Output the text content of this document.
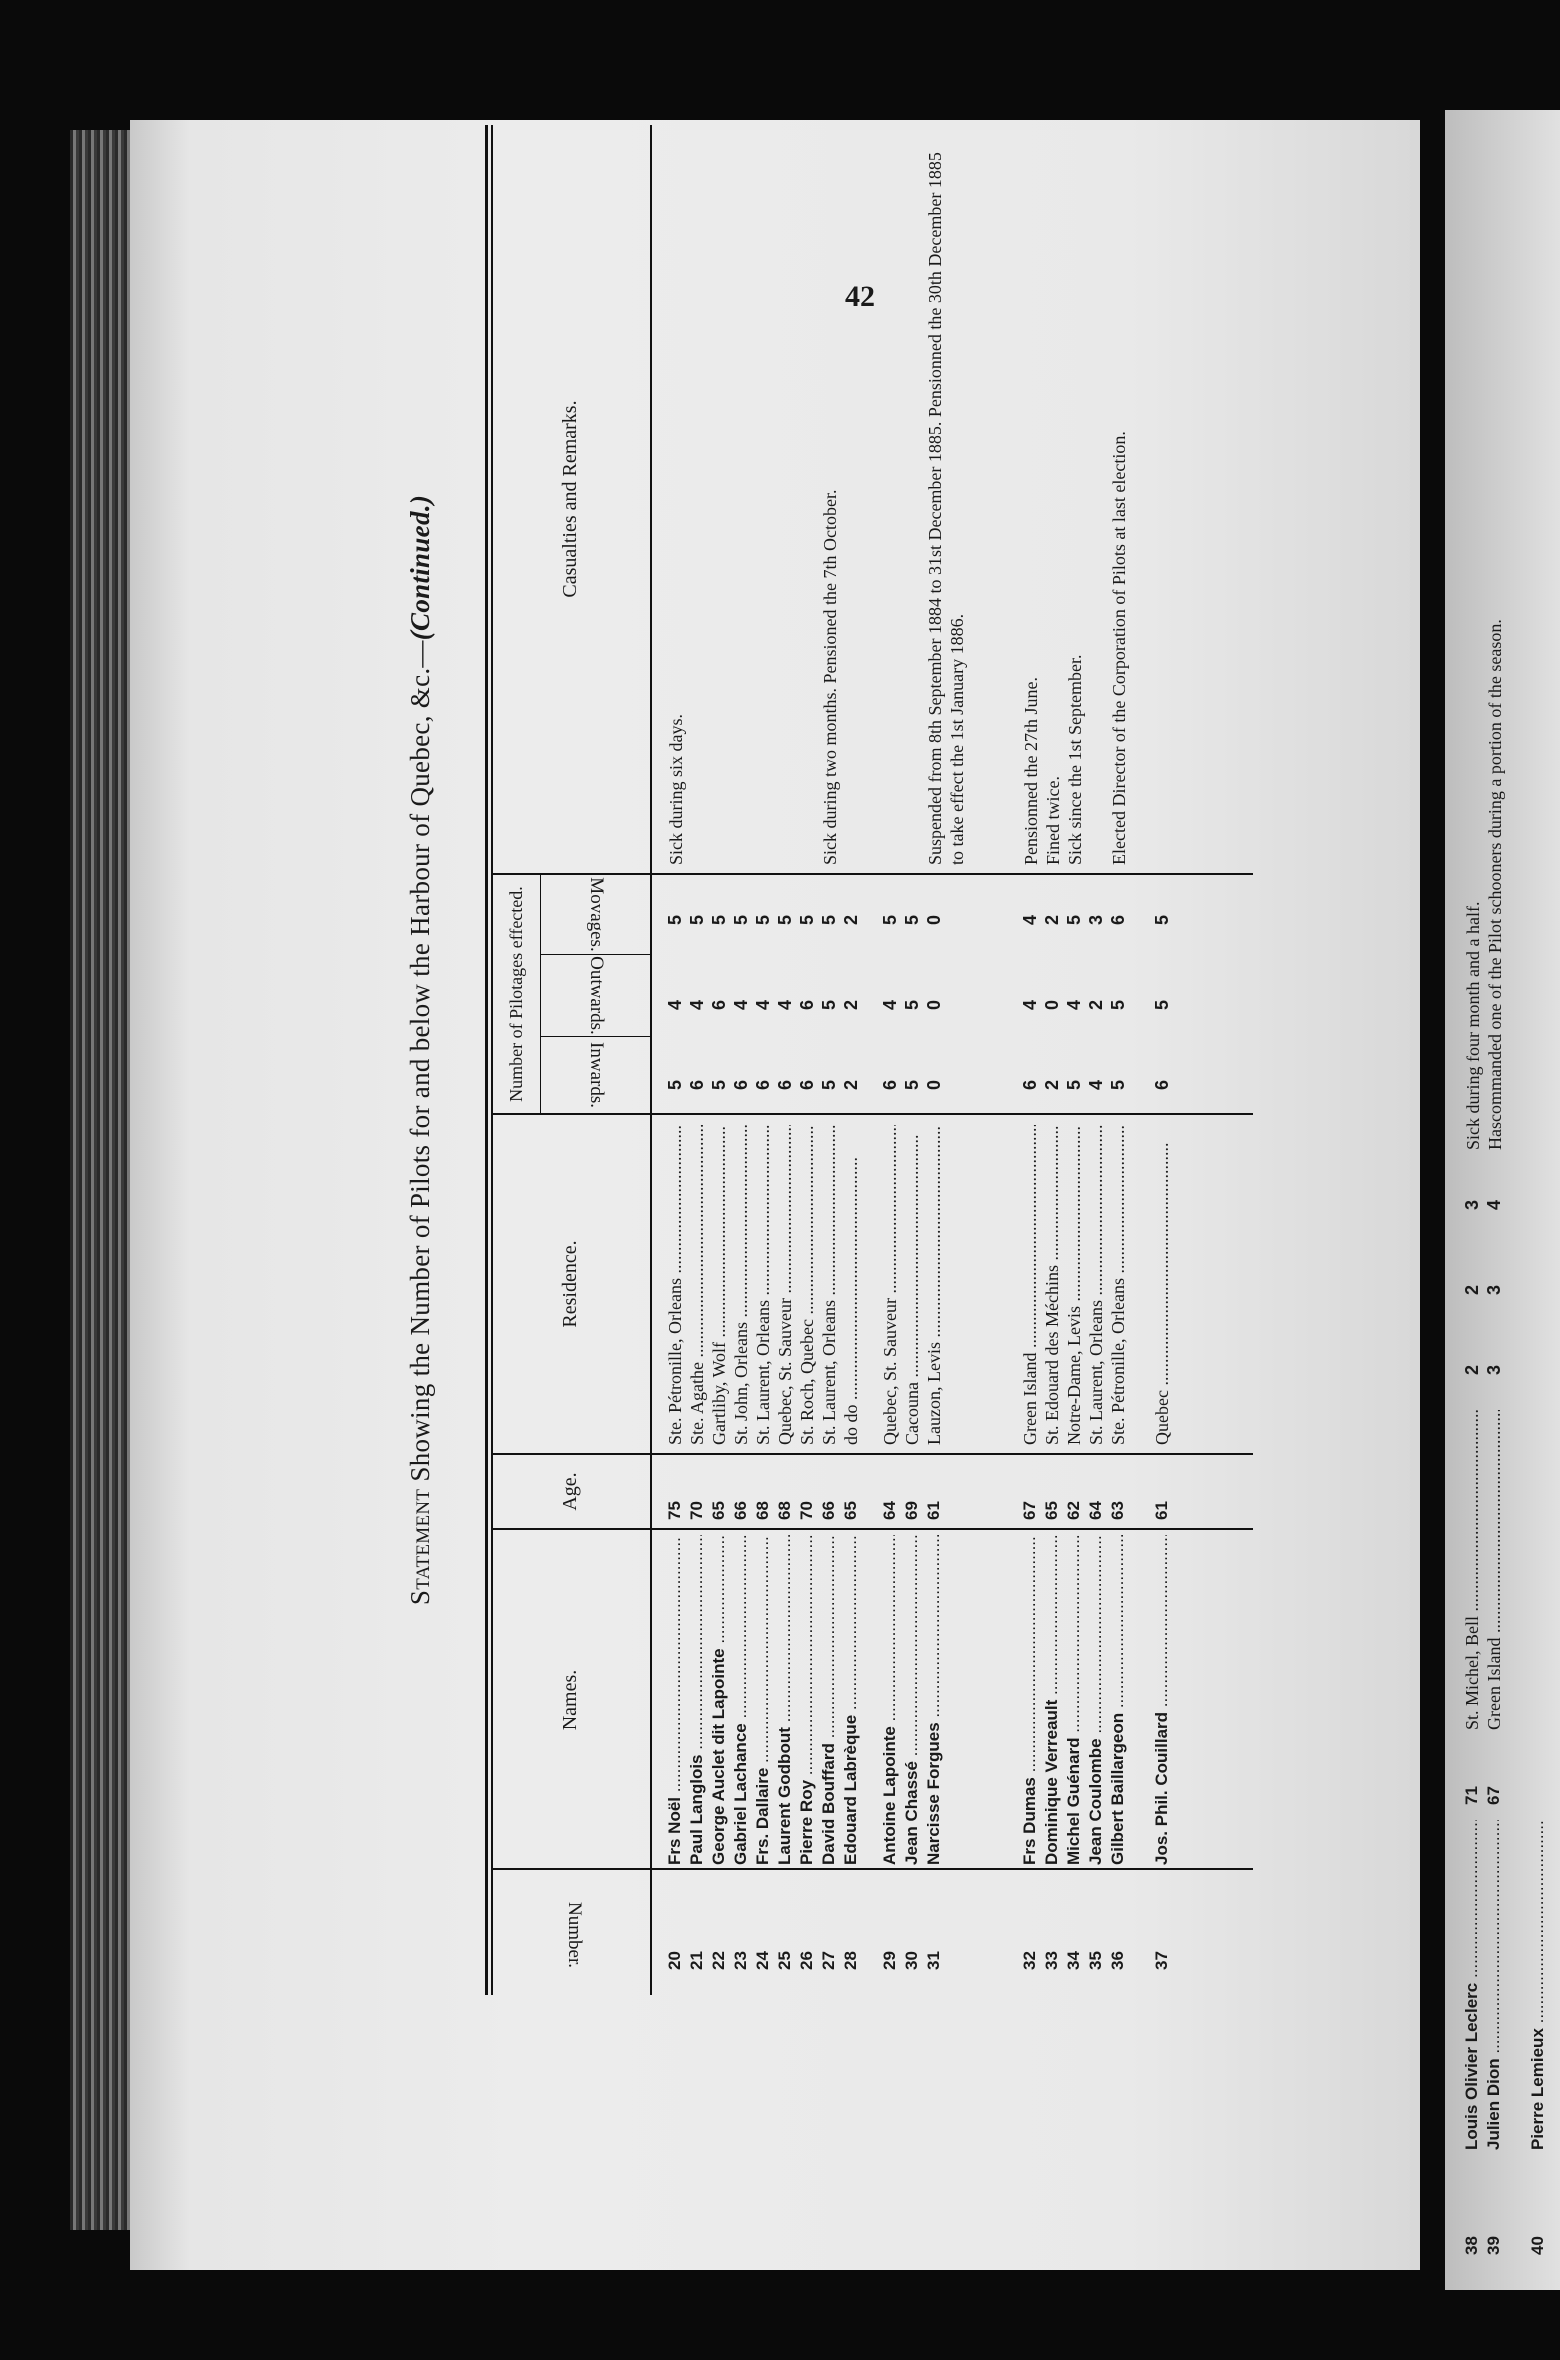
42
Statement Showing the Number of Pilots for and below the Harbour of Quebec, &c.—(Continued.)
Number.
Names.
Age.
Residence.
Number of Pilotages effected.	Inwards.
Outwards.
Movages.
Casualties and Remarks.
20
Frs Noël .....
75
Ste. Pétronille, Orleans .....
5
4
5
Sick during six days.
21
Paul Langlois .....
70
Ste. Agathe .....
6
4
5
22
George Auclet dit Lapointe .....
65
Gartliby, Wolf .....
5
6
5
23
Gabriel Lachance .....
66
St. John, Orleans .....
6
4
5
24
Frs. Dallaire .....
68
St. Laurent, Orleans .....
6
4
5
25
Laurent Godbout .....
68
Quebec, St. Sauveur .....
6
4
5
26
Pierre Roy .....
70
St. Roch, Quebec .....
6
6
5
27
David Bouffard .....
66
St. Laurent, Orleans .....
5
5
5
28
Edouard Labrèque .....
65
do do .....
2
2
2
Sick during two months. Pensioned the 7th October.
29
Antoine Lapointe .....
64
Quebec, St. Sauveur .....
6
4
5
30
Jean Chassé .....
69
Cacouna .....
5
5
5
31
Narcisse Forgues .....
61
Lauzon, Levis .....
0
0
0
Suspended from 8th September 1884 to 31st December 1885. Pensionned the 30th December 1885 to take effect the 1st January 1886.
32
Frs Dumas .....
67
Green Island .....
6
4
4
Pensionned the 27th June.
33
Dominique Verreault .....
65
St. Edouard des Méchins .....
2
0
2
Fined twice.
34
Michel Guénard .....
62
Notre-Dame, Levis .....
5
4
5
Sick since the 1st September.
35
Jean Coulombe .....
64
St. Laurent, Orleans .....
4
2
3
36
Gilbert Baillargeon .....
63
Ste. Pétronille, Orleans .....
5
5
6
Elected Director of the Corporation of Pilots at last election.
37
Jos. Phil. Couillard .....
61
Quebec .....
6
5
5
38
Louis Olivier Leclerc .....
71
St. Michel, Bell .....
2
2
3
Sick during four month and a half.
39
Julien Dion .....
67
Green Island .....
3
3
4
Hascommanded one of the Pilot schooners during a portion of the season.
40
Pierre Lemieux .....
